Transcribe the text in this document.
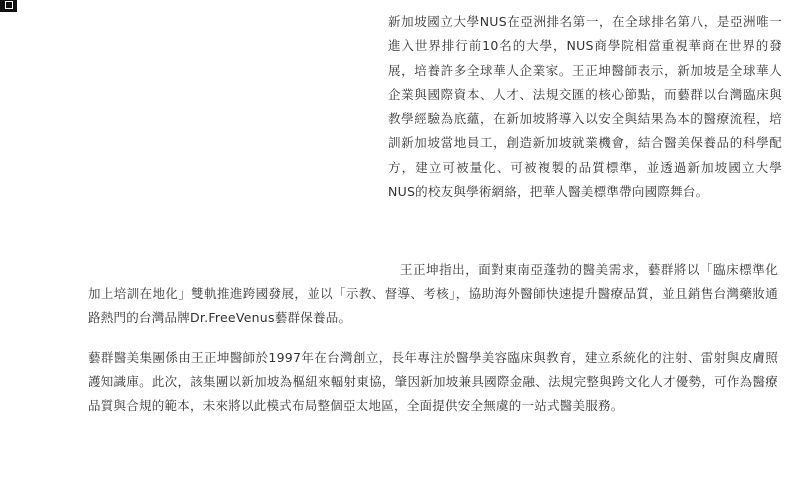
新加坡國立大學NUS在亞洲排名第一，在全球排名第八，是亞洲唯一進入世界排行前10名的大學，NUS商學院相當重視華商在世界的發展，培養許多全球華人企業家。王正坤醫師表示，新加坡是全球華人企業與國際資本、人才、法規交匯的核心節點，而藝群以台灣臨床與教學經驗為底蘊，在新加坡將導入以安全與結果為本的醫療流程，培訓新加坡當地員工，創造新加坡就業機會，結合醫美保養品的科學配方，建立可被量化、可被複製的品質標準，並透過新加坡國立大學NUS的校友與學術網絡，把華人醫美標準帶向國際舞台。

王正坤指出，面對東南亞蓬勃的醫美需求，藝群將以「臨床標準化加上培訓在地化」雙軌推進跨國發展，並以「示教、督導、考核」，協助海外醫師快速提升醫療品質，並且銷售台灣藥妝通路熱門的台灣品牌Dr.FreeVenus藝群保養品。

藝群醫美集團係由王正坤醫師於1997年在台灣創立，長年專注於醫學美容臨床與教育，建立系統化的注射、雷射與皮膚照護知識庫。此次，該集團以新加坡為樞紐來輻射東協，肇因新加坡兼具國際金融、法規完整與跨文化人才優勢，可作為醫療品質與合規的範本，未來將以此模式布局整個亞太地區，全面提供安全無虞的一站式醫美服務。
